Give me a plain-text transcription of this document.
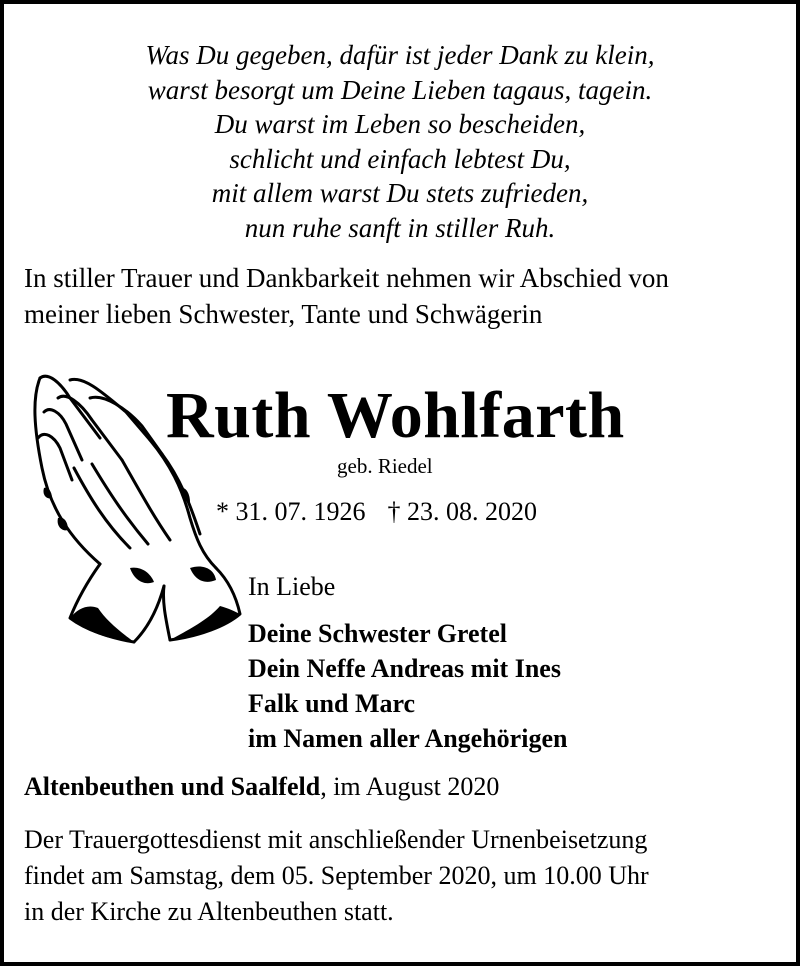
Was Du gegeben, dafür ist jeder Dank zu klein,
warst besorgt um Deine Lieben tagaus, tagein.
Du warst im Leben so bescheiden,
schlicht und einfach lebtest Du,
mit allem warst Du stets zufrieden,
nun ruhe sanft in stiller Ruh.
In stiller Trauer und Dankbarkeit nehmen wir Abschied von
meiner lieben Schwester, Tante und Schwägerin
Ruth Wohlfarth
geb. Riedel
* 31. 07. 1926 † 23. 08. 2020
In Liebe
Deine Schwester Gretel
Dein Neffe Andreas mit Ines
Falk und Marc
im Namen aller Angehörigen
Altenbeuthen und Saalfeld, im August 2020
Der Trauergottesdienst mit anschließender Urnenbeisetzung
findet am Samstag, dem 05. September 2020, um 10.00 Uhr
in der Kirche zu Altenbeuthen statt.
